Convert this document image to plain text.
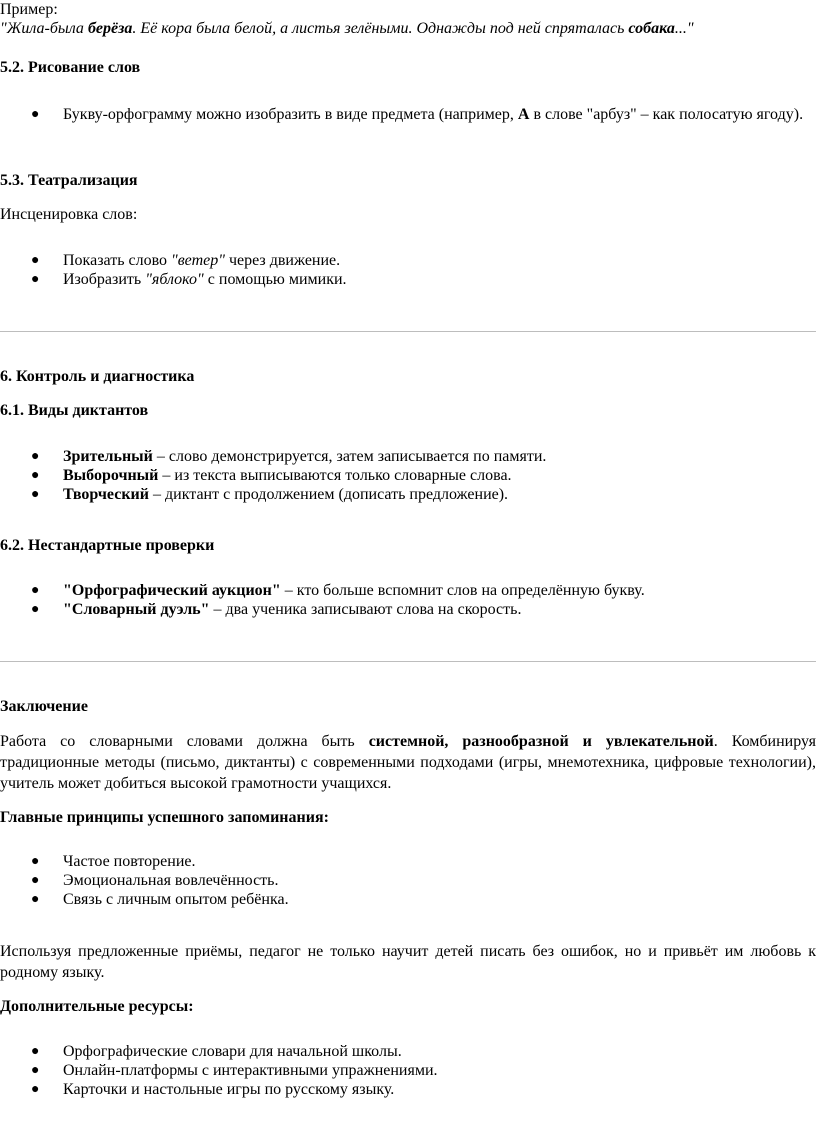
Пример:

"Жила-была берёза. Её кора была белой, а листья зелёными. Однажды под ней спряталась собака..."

5.2. Рисование слов

● Букву-орфограмму можно изобразить в виде предмета (например, А в слове "арбуз" – как полосатую ягоду).

5.3. Театрализация

Инсценировка слов:

● Показать слово "ветер" через движение.
● Изобразить "яблоко" с помощью мимики.

6. Контроль и диагностика

6.1. Виды диктантов

● Зрительный – слово демонстрируется, затем записывается по памяти.
● Выборочный – из текста выписываются только словарные слова.
● Творческий – диктант с продолжением (дописать предложение).

6.2. Нестандартные проверки

● "Орфографический аукцион" – кто больше вспомнит слов на определённую букву.
● "Словарный дуэль" – два ученика записывают слова на скорость.

Заключение

Работа со словарными словами должна быть системной, разнообразной и увлекательной. Комбинируя традиционные методы (письмо, диктанты) с современными подходами (игры, мнемотехника, цифровые технологии), учитель может добиться высокой грамотности учащихся.

Главные принципы успешного запоминания:

● Частое повторение.
● Эмоциональная вовлечённость.
● Связь с личным опытом ребёнка.

Используя предложенные приёмы, педагог не только научит детей писать без ошибок, но и привьёт им любовь к родному языку.

Дополнительные ресурсы:

● Орфографические словари для начальной школы.
● Онлайн-платформы с интерактивными упражнениями.
● Карточки и настольные игры по русскому языку.
